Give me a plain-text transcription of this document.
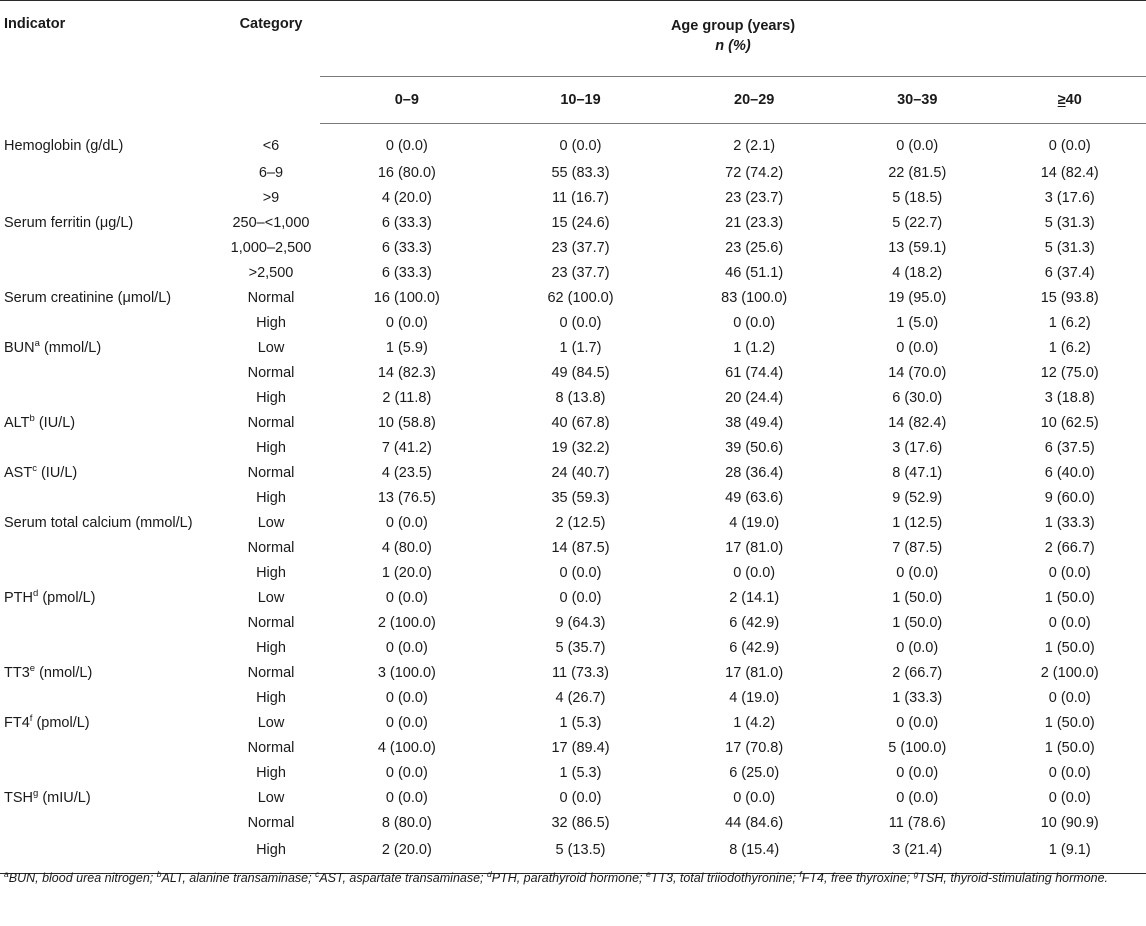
Indicator	Category	Age group (years)
n (%)				

		0–9	10–19	20–29	30–39	≥40
Hemoglobin (g/dL)	<6	0 (0.0)	0 (0.0)	2 (2.1)	0 (0.0)	0 (0.0)
	6–9	16 (80.0)	55 (83.3)	72 (74.2)	22 (81.5)	14 (82.4)
	>9	4 (20.0)	11 (16.7)	23 (23.7)	5 (18.5)	3 (17.6)
Serum ferritin (μg/L)	250–<1,000	6 (33.3)	15 (24.6)	21 (23.3)	5 (22.7)	5 (31.3)
	1,000–2,500	6 (33.3)	23 (37.7)	23 (25.6)	13 (59.1)	5 (31.3)
	>2,500	6 (33.3)	23 (37.7)	46 (51.1)	4 (18.2)	6 (37.4)
Serum creatinine (μmol/L)	Normal	16 (100.0)	62 (100.0)	83 (100.0)	19 (95.0)	15 (93.8)
	High	0 (0.0)	0 (0.0)	0 (0.0)	1 (5.0)	1 (6.2)
BUN$^a$ (mmol/L)	Low	1 (5.9)	1 (1.7)	1 (1.2)	0 (0.0)	1 (6.2)
	Normal	14 (82.3)	49 (84.5)	61 (74.4)	14 (70.0)	12 (75.0)
	High	2 (11.8)	8 (13.8)	20 (24.4)	6 (30.0)	3 (18.8)
ALT$^b$ (IU/L)	Normal	10 (58.8)	40 (67.8)	38 (49.4)	14 (82.4)	10 (62.5)
	High	7 (41.2)	19 (32.2)	39 (50.6)	3 (17.6)	6 (37.5)
AST$^c$ (IU/L)	Normal	4 (23.5)	24 (40.7)	28 (36.4)	8 (47.1)	6 (40.0)
	High	13 (76.5)	35 (59.3)	49 (63.6)	9 (52.9)	9 (60.0)
Serum total calcium (mmol/L)	Low	0 (0.0)	2 (12.5)	4 (19.0)	1 (12.5)	1 (33.3)
	Normal	4 (80.0)	14 (87.5)	17 (81.0)	7 (87.5)	2 (66.7)
	High	1 (20.0)	0 (0.0)	0 (0.0)	0 (0.0)	0 (0.0)
PTH$^d$ (pmol/L)	Low	0 (0.0)	0 (0.0)	2 (14.1)	1 (50.0)	1 (50.0)
	Normal	2 (100.0)	9 (64.3)	6 (42.9)	1 (50.0)	0 (0.0)
	High	0 (0.0)	5 (35.7)	6 (42.9)	0 (0.0)	1 (50.0)
TT3e (nmol/L)	Normal	3 (100.0)	11 (73.3)	17 (81.0)	2 (66.7)	2 (100.0)
	High	0 (0.0)	4 (26.7)	4 (19.0)	1 (33.3)	0 (0.0)
FT4$^f$ (pmol/L)	Low	0 (0.0)	1 (5.3)	1 (4.2)	0 (0.0)	1 (50.0)
	Normal	4 (100.0)	17 (89.4)	17 (70.8)	5 (100.0)	1 (50.0)
	High	0 (0.0)	1 (5.3)	6 (25.0)	0 (0.0)	0 (0.0)
TSH$^g$ (mIU/L)	Low	0 (0.0)	0 (0.0)	0 (0.0)	0 (0.0)	0 (0.0)
	Normal	8 (80.0)	32 (86.5)	44 (84.6)	11 (78.6)	10 (90.9)
	High	2 (20.0)	5 (13.5)	8 (15.4)	3 (21.4)	1 (9.1)
$^a$BUN, blood urea nitrogen; $^b$ALT, alanine transaminase; $^c$AST, aspartate transaminase; $^d$PTH, parathyroid hormone; $^e$TT3, total triiodothyronine; $^f$FT4, free thyroxine; $^g$TSH, thyroid-stimulating hormone.
